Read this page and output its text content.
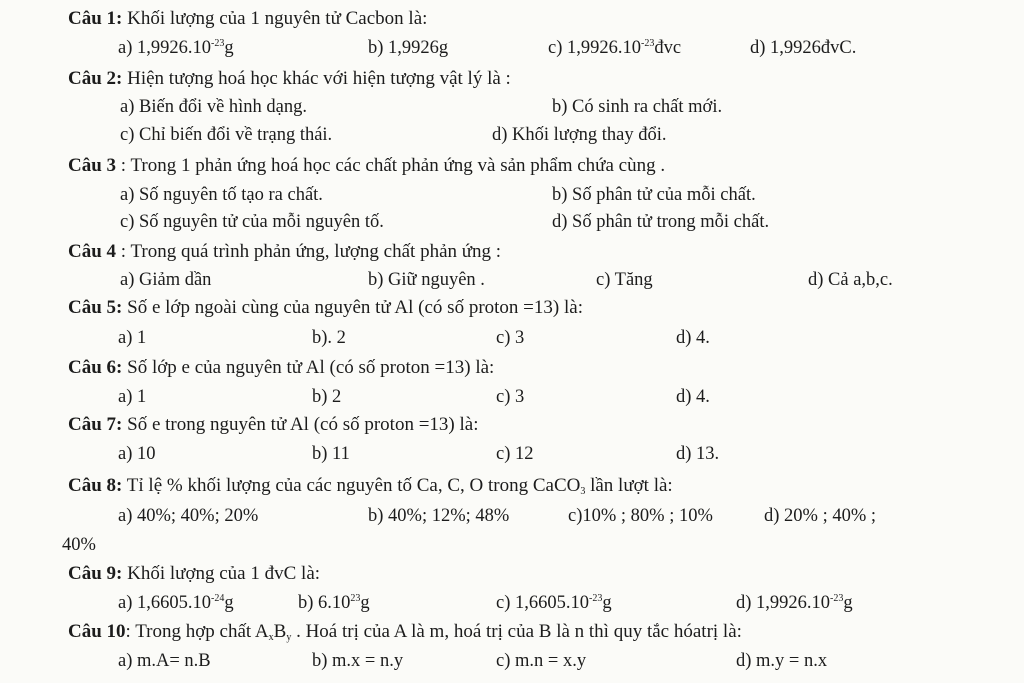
Câu 1: Khối lượng của 1 nguyên tử Cacbon là:
a) $1,9926.10^{-23}g$	b) 1,9926g	c) $1,9926.10^{-23}đvc$	d) 1,9926đvC.
Câu 2: Hiện tượng hoá học khác với hiện tượng vật lý là :
a) Biến đổi về hình dạng.	b) Có sinh ra chất mới.
c) Chỉ biến đổi về trạng thái.	d) Khối lượng thay đổi.
Câu 3 : Trong 1 phản ứng hoá học các chất phản ứng và sản phẩm chứa cùng .
a) Số nguyên tố tạo ra chất.	b) Số phân tử của mỗi chất.
c) Số nguyên tử của mỗi nguyên tố.	d) Số phân tử trong mỗi chất.
Câu 4 : Trong quá trình phản ứng, lượng chất phản ứng :
a) Giảm dần	b) Giữ nguyên .	c) Tăng	d) Cả a,b,c.
Câu 5: Số e lớp ngoài cùng của nguyên tử Al (có số proton =13) là:
a) 1	b). 2	c) 3	d) 4.
Câu 6: Số lớp e của nguyên tử Al (có số proton =13) là:
a) 1	b) 2	c) 3	d) 4.
Câu 7: Số e trong nguyên tử Al (có số proton =13) là:
a) 10	b) 11	c) 12	d) 13.
Câu 8: Tỉ lệ % khối lượng của các nguyên tố Ca, C, O trong CaCO$_3$ lần lượt là:
a) 40%; 40%; 20%	b) 40%; 12%; 48%	c)10% ; 80% ; 10%	d) 20% ; 40% ;
40%
Câu 9: Khối lượng của 1 đvC là:
a) $1,6605.10^{-24}g$	b) 6.10$^{23}$g	c) $1,6605.10^{-23}g$	d) $1,9926.10^{-23}g$
Câu 10: Trong hợp chất $A_xB_y$ . Hoá trị của A là m, hoá trị của B là n thì quy tắc hóatrị là:
a) m.A= n.B	b) m.x = n.y	c) m.n = x.y	d) m.y = n.x
